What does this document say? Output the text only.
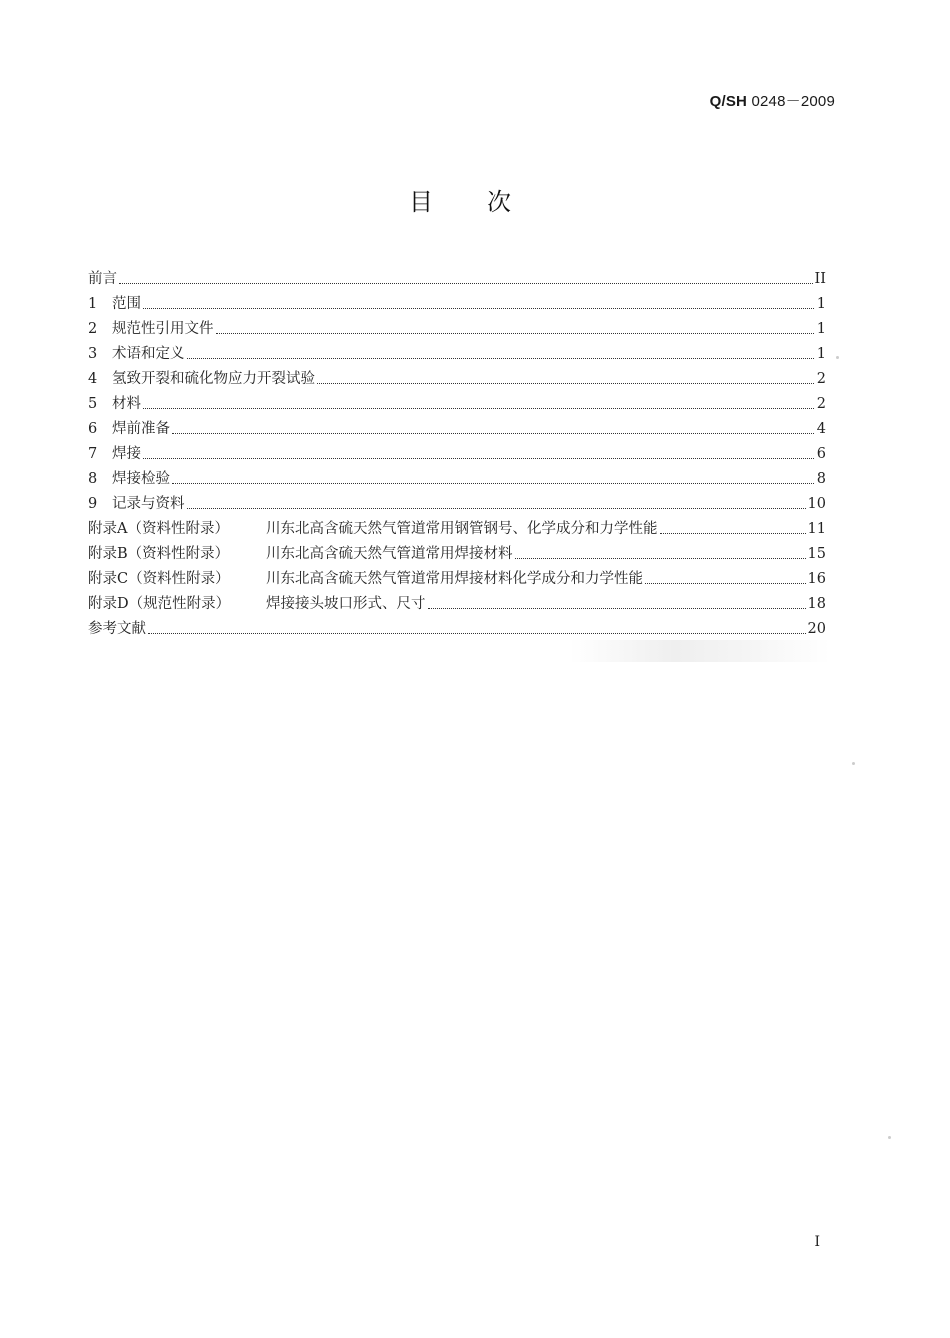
Q/SH 0248－2009
目 次
前言	II
1	范围	1
2	规范性引用文件	1
3	术语和定义	1
4	氢致开裂和硫化物应力开裂试验	2
5	材料	2
6	焊前准备	4
7	焊接	6
8	焊接检验	8
9	记录与资料	10
附录A（资料性附录）	川东北高含硫天然气管道常用钢管钢号、化学成分和力学性能	11
附录B（资料性附录）	川东北高含硫天然气管道常用焊接材料	15
附录C（资料性附录）	川东北高含硫天然气管道常用焊接材料化学成分和力学性能	16
附录D（规范性附录）	焊接接头坡口形式、尺寸	18
参考文献	20
I
